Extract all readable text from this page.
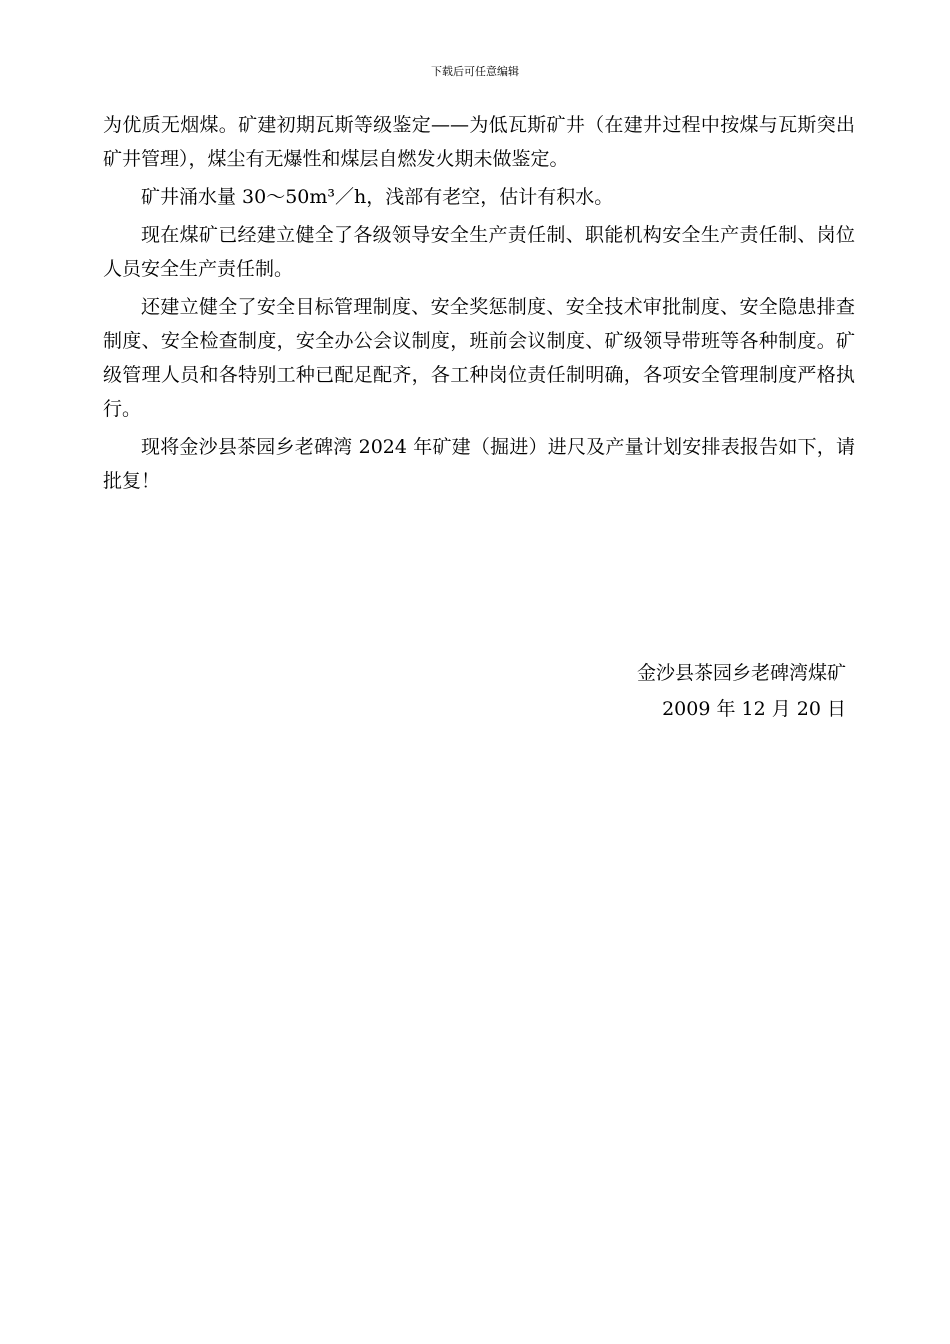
下载后可任意编辑

为优质无烟煤。矿建初期瓦斯等级鉴定——为低瓦斯矿井（在建井过程中按煤与瓦斯突出矿井管理），煤尘有无爆性和煤层自燃发火期未做鉴定。

矿井涌水量 30～50m³／h，浅部有老空，估计有积水。

现在煤矿已经建立健全了各级领导安全生产责任制、职能机构安全生产责任制、岗位人员安全生产责任制。

还建立健全了安全目标管理制度、安全奖惩制度、安全技术审批制度、安全隐患排查制度、安全检查制度，安全办公会议制度，班前会议制度、矿级领导带班等各种制度。矿级管理人员和各特别工种已配足配齐，各工种岗位责任制明确，各项安全管理制度严格执行。

现将金沙县茶园乡老碑湾 2024 年矿建（掘进）进尺及产量计划安排表报告如下，请批复！

金沙县茶园乡老碑湾煤矿
2009 年 12 月 20 日
